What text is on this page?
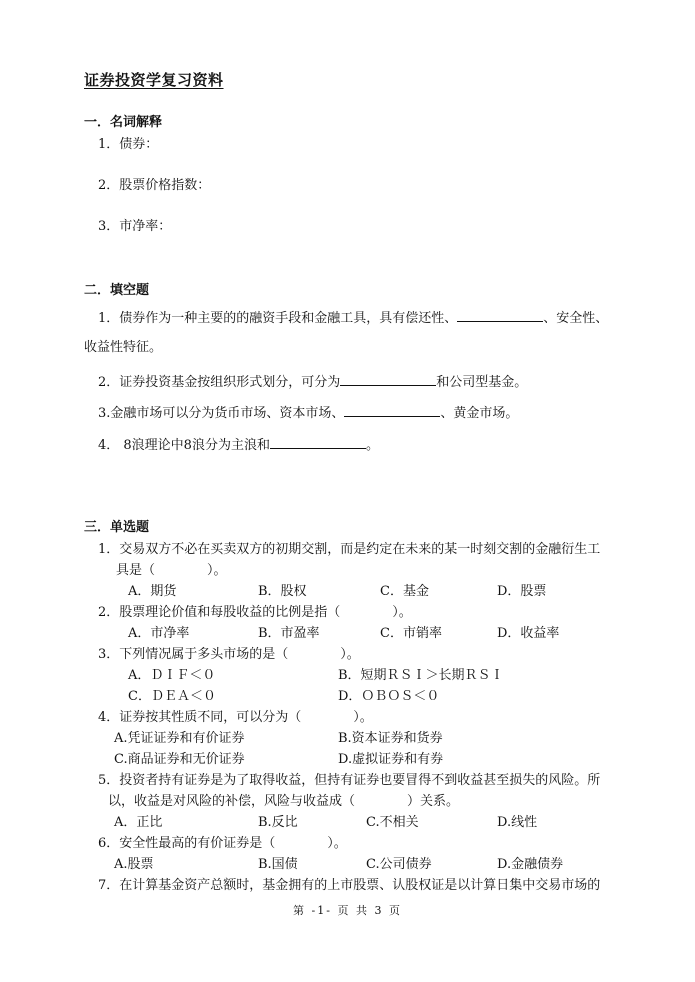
证券投资学复习资料
一．名词解释
1．债券：
2．股票价格指数：
3．市净率：
二．填空题
1．债券作为一种主要的的融资手段和金融工具，具有偿还性、	、安全性、
收益性特征。
2．证券投资基金按组织形式划分，可分为	和公司型基金。
3.金融市场可以分为货币市场、资本市场、	、黄金市场。
4． 8浪理论中8浪分为主浪和	。
三．单选题
1．交易双方不必在买卖双方的初期交割，而是约定在未来的某一时刻交割的金融衍生工
具是（　　　　）。
A．期货	B．股权	C．基金	D．股票
2．股票理论价值和每股收益的比例是指（　　　　）。
A．市净率	B．市盈率	C．市销率	D．收益率
3．下列情况属于多头市场的是（　　　　）。
A．ＤＩＦ＜０	B．短期ＲＳＩ＞长期ＲＳＩ
C．ＤＥＡ＜０	D．ＯＢＯＳ＜０
4．证券按其性质不同，可以分为（　　　　）。
A.凭证证券和有价证券	B.资本证券和货券
C.商品证券和无价证券	D.虚拟证券和有券
5．投资者持有证券是为了取得收益，但持有证券也要冒得不到收益甚至损失的风险。所
以，收益是对风险的补偿，风险与收益成（　　　　）关系。
A．正比	B.反比	C.不相关	D.线性
6．安全性最高的有价证券是（　　　　）。
A.股票	B.国债	C.公司债券	D.金融债券
7．在计算基金资产总额时，基金拥有的上市股票、认股权证是以计算日集中交易市场的
第 -1- 页 共 3 页
